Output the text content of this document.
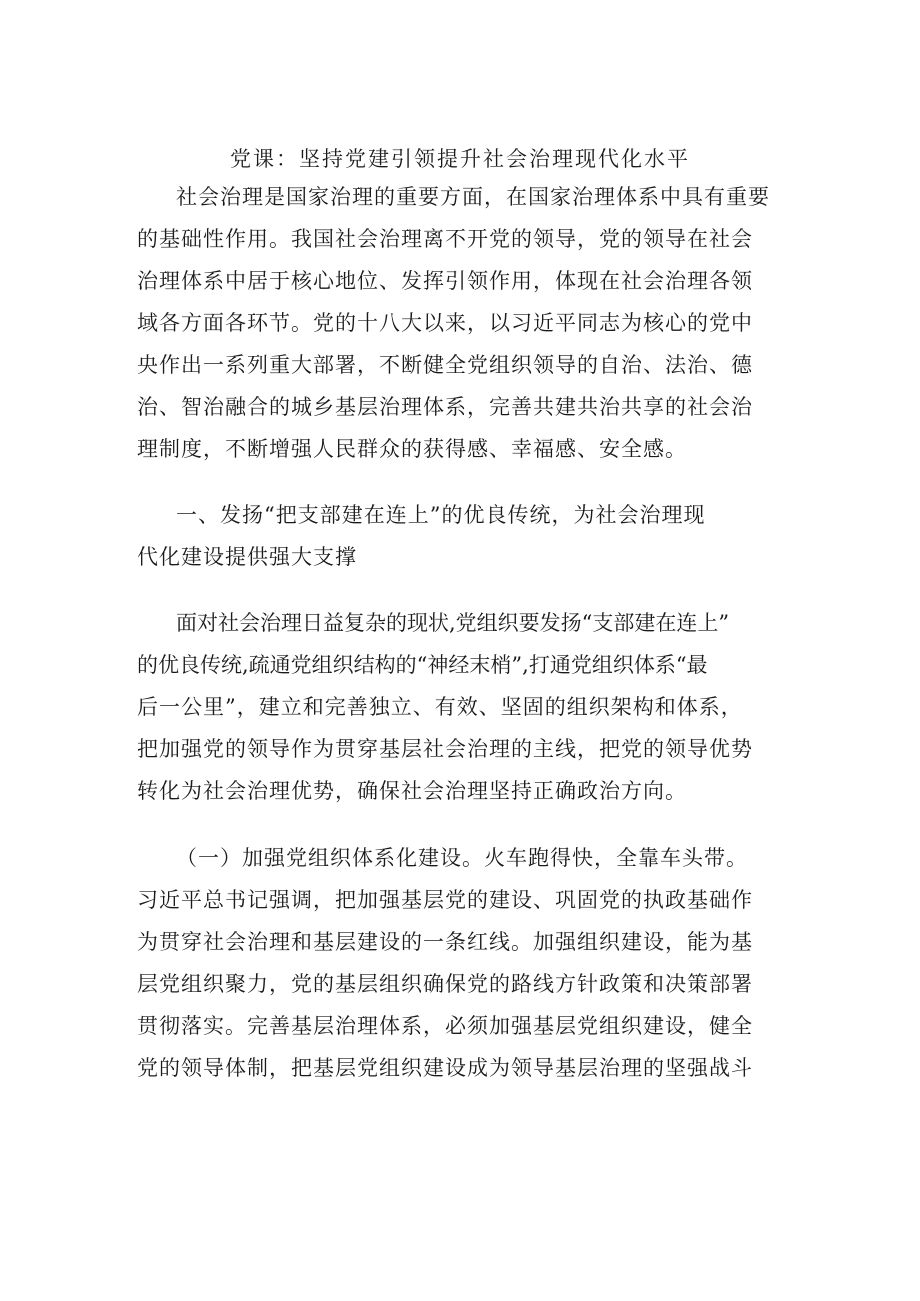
党课：坚持党建引领提升社会治理现代化水平
社会治理是国家治理的重要方面，在国家治理体系中具有重要
的基础性作用。我国社会治理离不开党的领导，党的领导在社会
治理体系中居于核心地位、发挥引领作用，体现在社会治理各领
域各方面各环节。党的十八大以来，以习近平同志为核心的党中
央作出一系列重大部署，不断健全党组织领导的自治、法治、德
治、智治融合的城乡基层治理体系，完善共建共治共享的社会治
理制度，不断增强人民群众的获得感、幸福感、安全感。
一、发扬“把支部建在连上”的优良传统，为社会治理现
代化建设提供强大支撑
面对社会治理日益复杂的现状,党组织要发扬“支部建在连上”
的优良传统,疏通党组织结构的“神经末梢”,打通党组织体系“最
后一公里”，建立和完善独立、有效、坚固的组织架构和体系，
把加强党的领导作为贯穿基层社会治理的主线，把党的领导优势
转化为社会治理优势，确保社会治理坚持正确政治方向。
（一）加强党组织体系化建设。火车跑得快，全靠车头带。
习近平总书记强调，把加强基层党的建设、巩固党的执政基础作
为贯穿社会治理和基层建设的一条红线。加强组织建设，能为基
层党组织聚力，党的基层组织确保党的路线方针政策和决策部署
贯彻落实。完善基层治理体系，必须加强基层党组织建设，健全
党的领导体制，把基层党组织建设成为领导基层治理的坚强战斗
